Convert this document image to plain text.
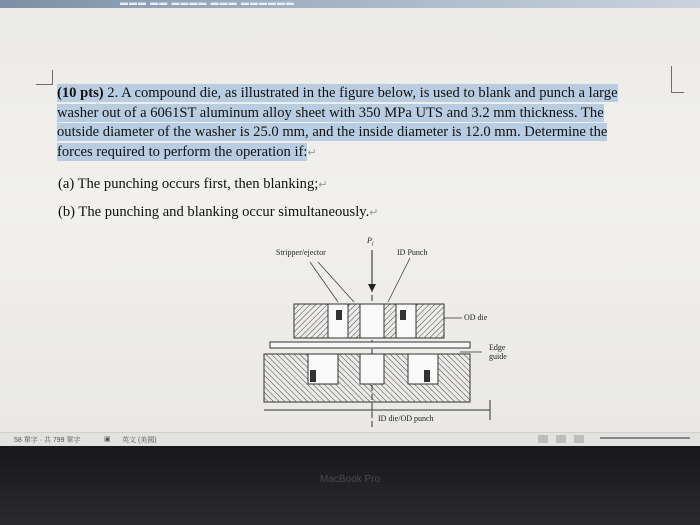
▬▬▬ ▬▬ ▬▬▬▬ ▬▬▬ ▬▬▬▬▬▬
(10 pts) 2. A compound die, as illustrated in the figure below, is used to blank and punch a large
washer out of a 6061ST aluminum alloy sheet with 350 MPa UTS and 3.2 mm thickness. The
outside diameter of the washer is 25.0 mm, and the inside diameter is 12.0 mm. Determine the
forces required to perform the operation if:↵
(a) The punching occurs first, then blanking;↵
(b) The punching and blanking occur simultaneously.↵
Stripper/ejector
$P_i$
ID Punch
OD die
Edge
guide
ID die/OD punch
58 單字 · 共 799 單字	▣ 英文 (美國)
MacBook Pro
